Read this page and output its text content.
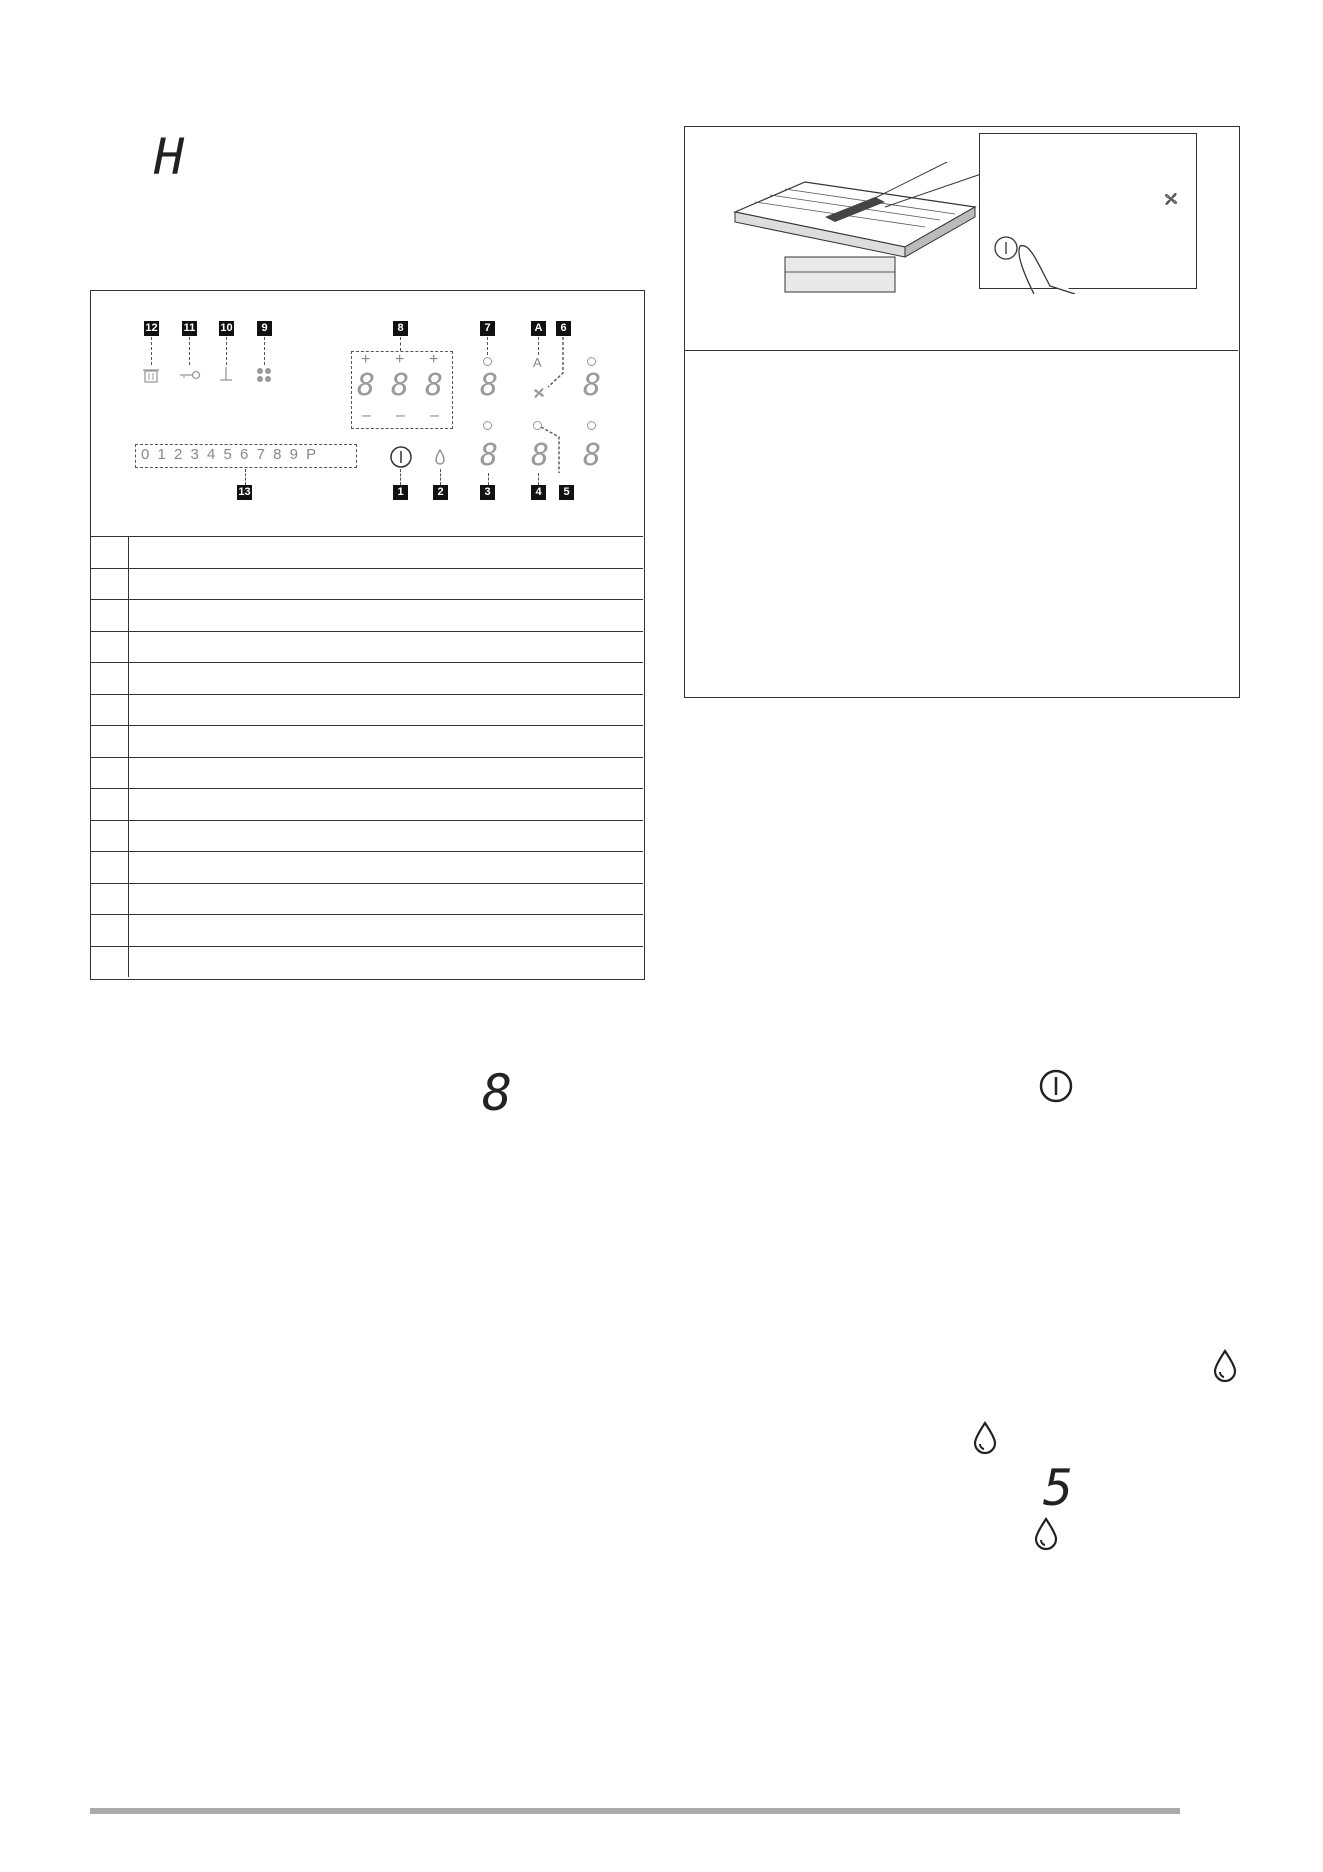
H
12 11 10	9	8	7	A	6
+ + +
8 8 8
– – –
8
A
8
0 1 2 3 4 5 6 7 8 9 P	8 8 8
13	1	2	3	4	5

8
5
